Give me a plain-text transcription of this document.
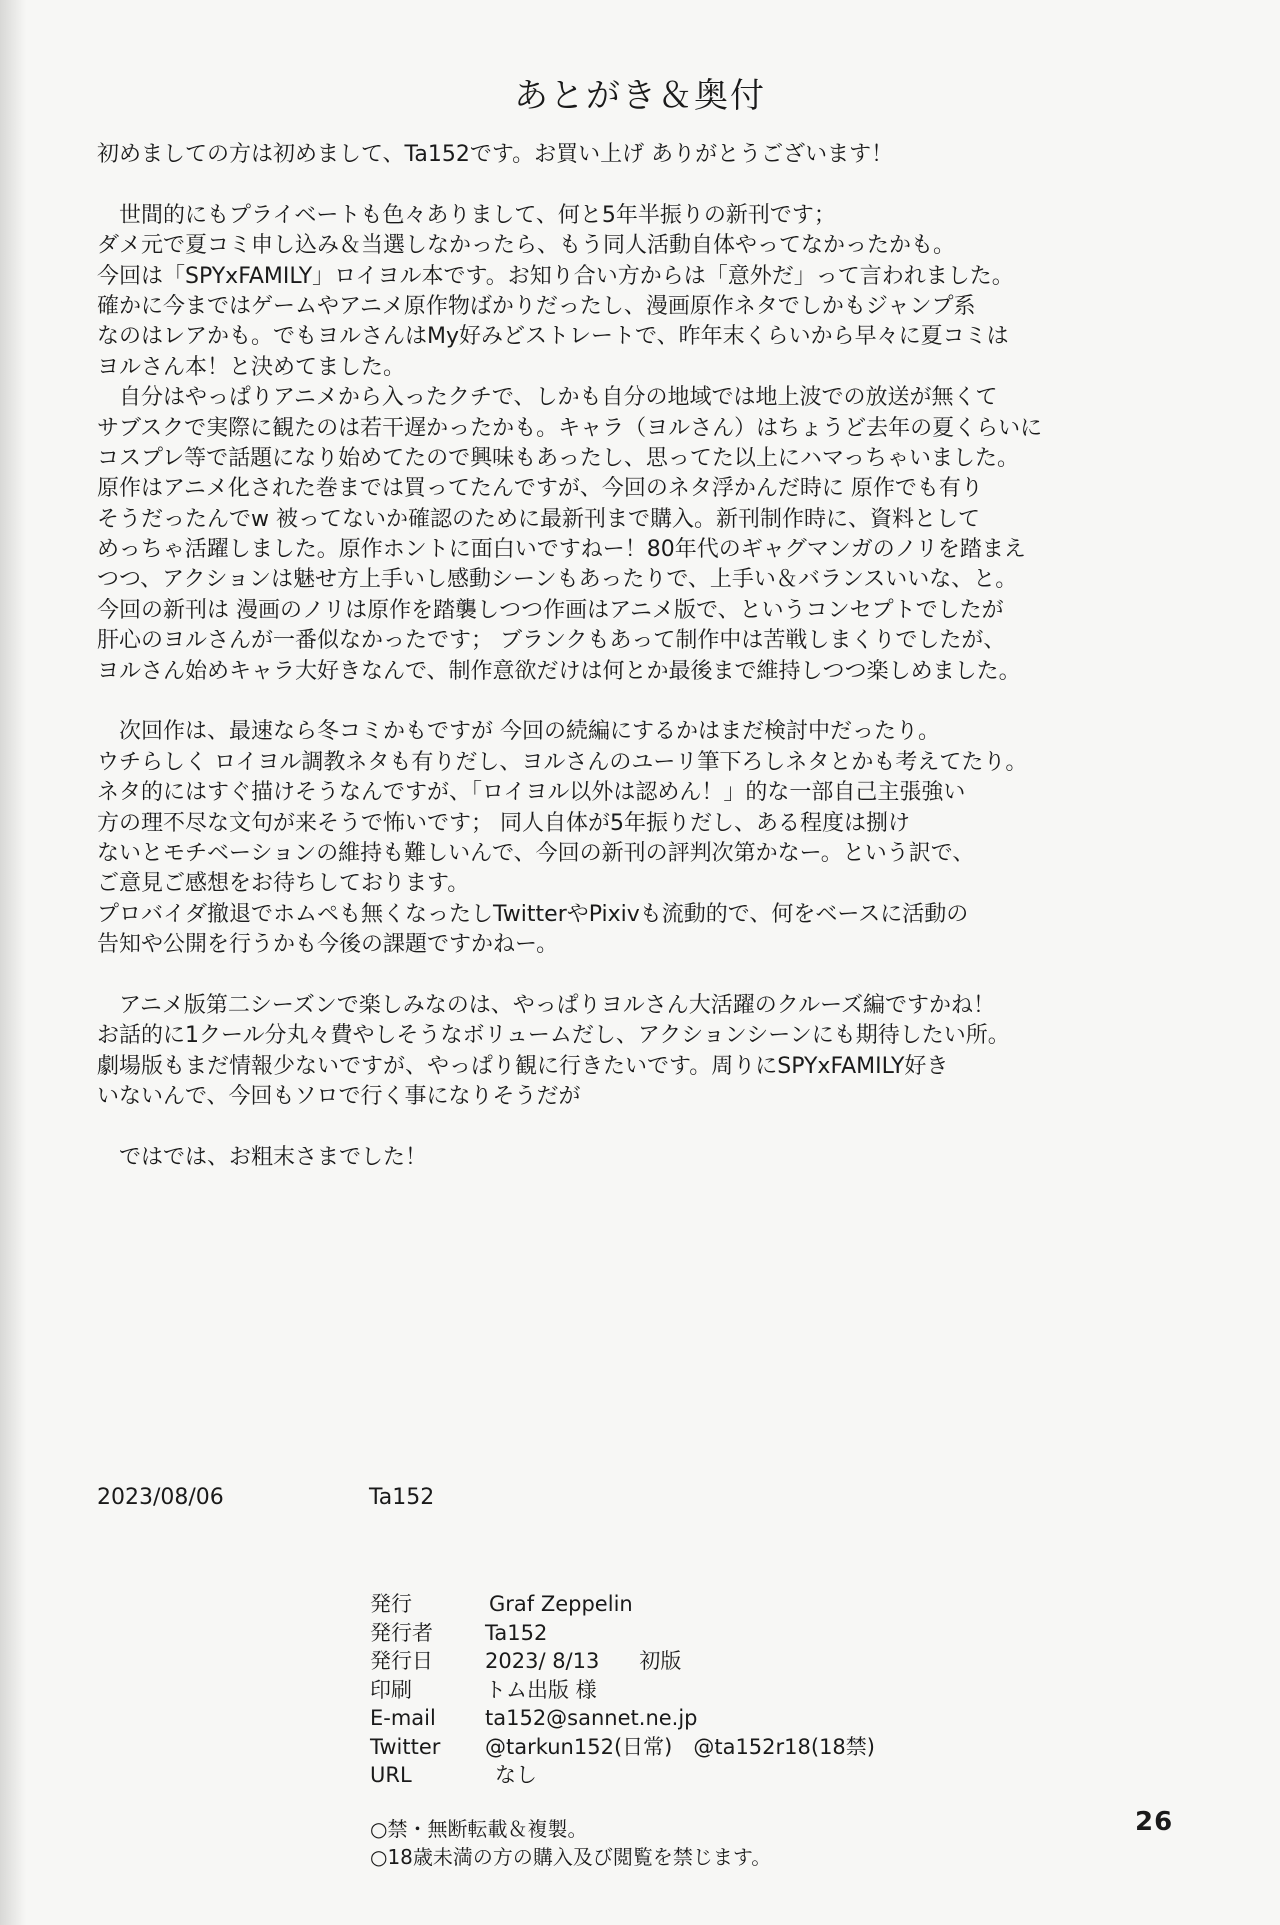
あとがき＆奥付
初めましての方は初めまして、Ta152です。お買い上げ ありがとうございます！
　世間的にもプライベートも色々ありまして、何と5年半振りの新刊です；
ダメ元で夏コミ申し込み＆当選しなかったら、もう同人活動自体やってなかったかも。
今回は「SPYxFAMILY」ロイヨル本です。お知り合い方からは「意外だ」って言われました。
確かに今まではゲームやアニメ原作物ばかりだったし、漫画原作ネタでしかもジャンプ系
なのはレアかも。でもヨルさんはMy好みどストレートで、昨年末くらいから早々に夏コミは
ヨルさん本！と決めてました。
　自分はやっぱりアニメから入ったクチで、しかも自分の地域では地上波での放送が無くて
サブスクで実際に観たのは若干遅かったかも。キャラ（ヨルさん）はちょうど去年の夏くらいに
コスプレ等で話題になり始めてたので興味もあったし、思ってた以上にハマっちゃいました。
原作はアニメ化された巻までは買ってたんですが、今回のネタ浮かんだ時に 原作でも有り
そうだったんでw 被ってないか確認のために最新刊まで購入。新刊制作時に、資料として
めっちゃ活躍しました。原作ホントに面白いですねー！80年代のギャグマンガのノリを踏まえ
つつ、アクションは魅せ方上手いし感動シーンもあったりで、上手い＆バランスいいな、と。
今回の新刊は 漫画のノリは原作を踏襲しつつ作画はアニメ版で、というコンセプトでしたが
肝心のヨルさんが一番似なかったです； ブランクもあって制作中は苦戦しまくりでしたが、
ヨルさん始めキャラ大好きなんで、制作意欲だけは何とか最後まで維持しつつ楽しめました。
　次回作は、最速なら冬コミかもですが 今回の続編にするかはまだ検討中だったり。
ウチらしく ロイヨル調教ネタも有りだし、ヨルさんのユーリ筆下ろしネタとかも考えてたり。
ネタ的にはすぐ描けそうなんですが、「ロイヨル以外は認めん！」的な一部自己主張強い
方の理不尽な文句が来そうで怖いです； 同人自体が5年振りだし、ある程度は捌け
ないとモチベーションの維持も難しいんで、今回の新刊の評判次第かなー。という訳で、
ご意見ご感想をお待ちしております。
プロバイダ撤退でホムペも無くなったしTwitterやPixivも流動的で、何をベースに活動の
告知や公開を行うかも今後の課題ですかねー。
　アニメ版第二シーズンで楽しみなのは、やっぱりヨルさん大活躍のクルーズ編ですかね！
お話的に1クール分丸々費やしそうなボリュームだし、アクションシーンにも期待したい所。
劇場版もまだ情報少ないですが、やっぱり観に行きたいです。周りにSPYxFAMILY好き
いないんで、今回もソロで行く事になりそうだが
　ではでは、お粗末さまでした！
2023/08/06	Ta152
発行	Graf Zeppelin
発行者	Ta152
発行日	2023/ 8/13 初版
印刷	トム出版 様
E-mail	ta152@sannet.ne.jp
Twitter	@tarkun152(日常)　@ta152r18(18禁)
URL	なし
○禁・無断転載＆複製。
○18歳未満の方の購入及び閲覧を禁じます。
26
